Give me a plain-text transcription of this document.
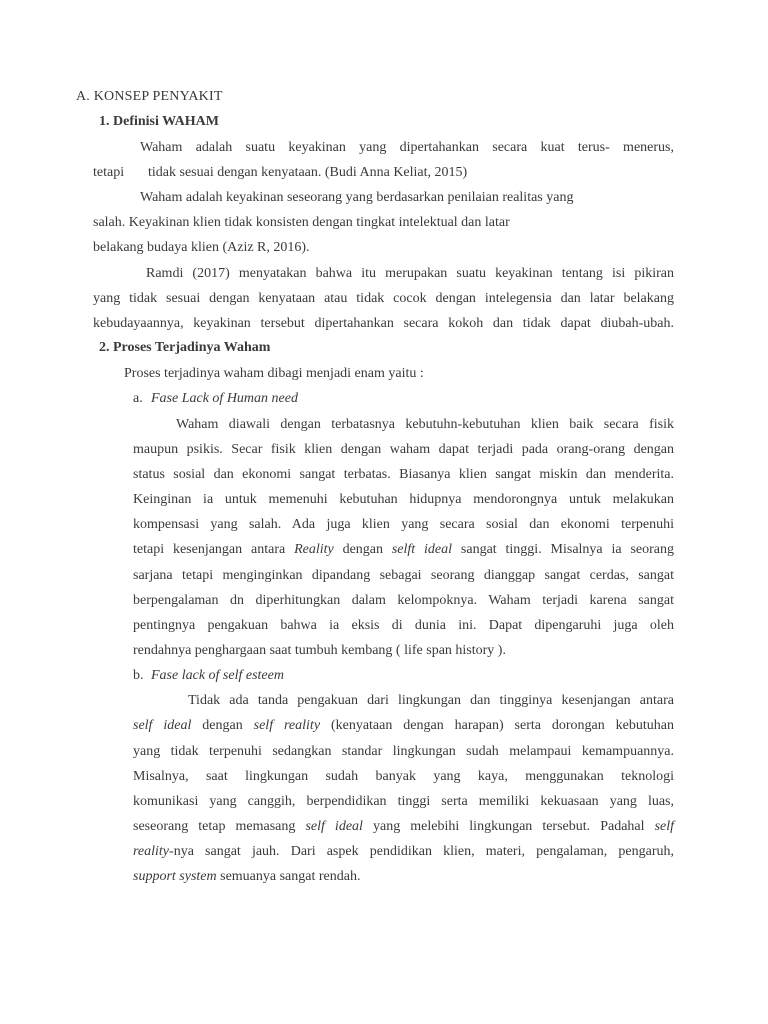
A. KONSEP PENYAKIT
1. Definisi WAHAM
Waham adalah suatu keyakinan yang dipertahankan secara kuat terus- menerus,
tetapi tidak sesuai dengan kenyataan. (Budi Anna Keliat, 2015)
Waham adalah keyakinan seseorang yang berdasarkan penilaian realitas yang
salah. Keyakinan klien tidak konsisten dengan tingkat intelektual dan latar
belakang budaya klien (Aziz R, 2016).
Ramdi (2017) menyatakan bahwa itu merupakan suatu keyakinan tentang isi pikiran
yang tidak sesuai dengan kenyataan atau tidak cocok dengan intelegensia dan latar belakang
kebudayaannya, keyakinan tersebut dipertahankan secara kokoh dan tidak dapat diubah-ubah.
2. Proses Terjadinya Waham
Proses terjadinya waham dibagi menjadi enam yaitu :
a. Fase Lack of Human need
Waham diawali dengan terbatasnya kebutuhn-kebutuhan klien baik secara fisik
maupun psikis. Secar fisik klien dengan waham dapat terjadi pada orang-orang dengan
status sosial dan ekonomi sangat terbatas. Biasanya klien sangat miskin dan menderita.
Keinginan ia untuk memenuhi kebutuhan hidupnya mendorongnya untuk melakukan
kompensasi yang salah. Ada juga klien yang secara sosial dan ekonomi terpenuhi
tetapi kesenjangan antara Reality dengan selft ideal sangat tinggi. Misalnya ia seorang
sarjana tetapi menginginkan dipandang sebagai seorang dianggap sangat cerdas, sangat
berpengalaman dn diperhitungkan dalam kelompoknya. Waham terjadi karena sangat
pentingnya pengakuan bahwa ia eksis di dunia ini. Dapat dipengaruhi juga oleh
rendahnya penghargaan saat tumbuh kembang ( life span history ).
b. Fase lack of self esteem
Tidak ada tanda pengakuan dari lingkungan dan tingginya kesenjangan antara
self ideal dengan self reality (kenyataan dengan harapan) serta dorongan kebutuhan
yang tidak terpenuhi sedangkan standar lingkungan sudah melampaui kemampuannya.
Misalnya, saat lingkungan sudah banyak yang kaya, menggunakan teknologi
komunikasi yang canggih, berpendidikan tinggi serta memiliki kekuasaan yang luas,
seseorang tetap memasang self ideal yang melebihi lingkungan tersebut. Padahal self
reality-nya sangat jauh. Dari aspek pendidikan klien, materi, pengalaman, pengaruh,
support system semuanya sangat rendah.
